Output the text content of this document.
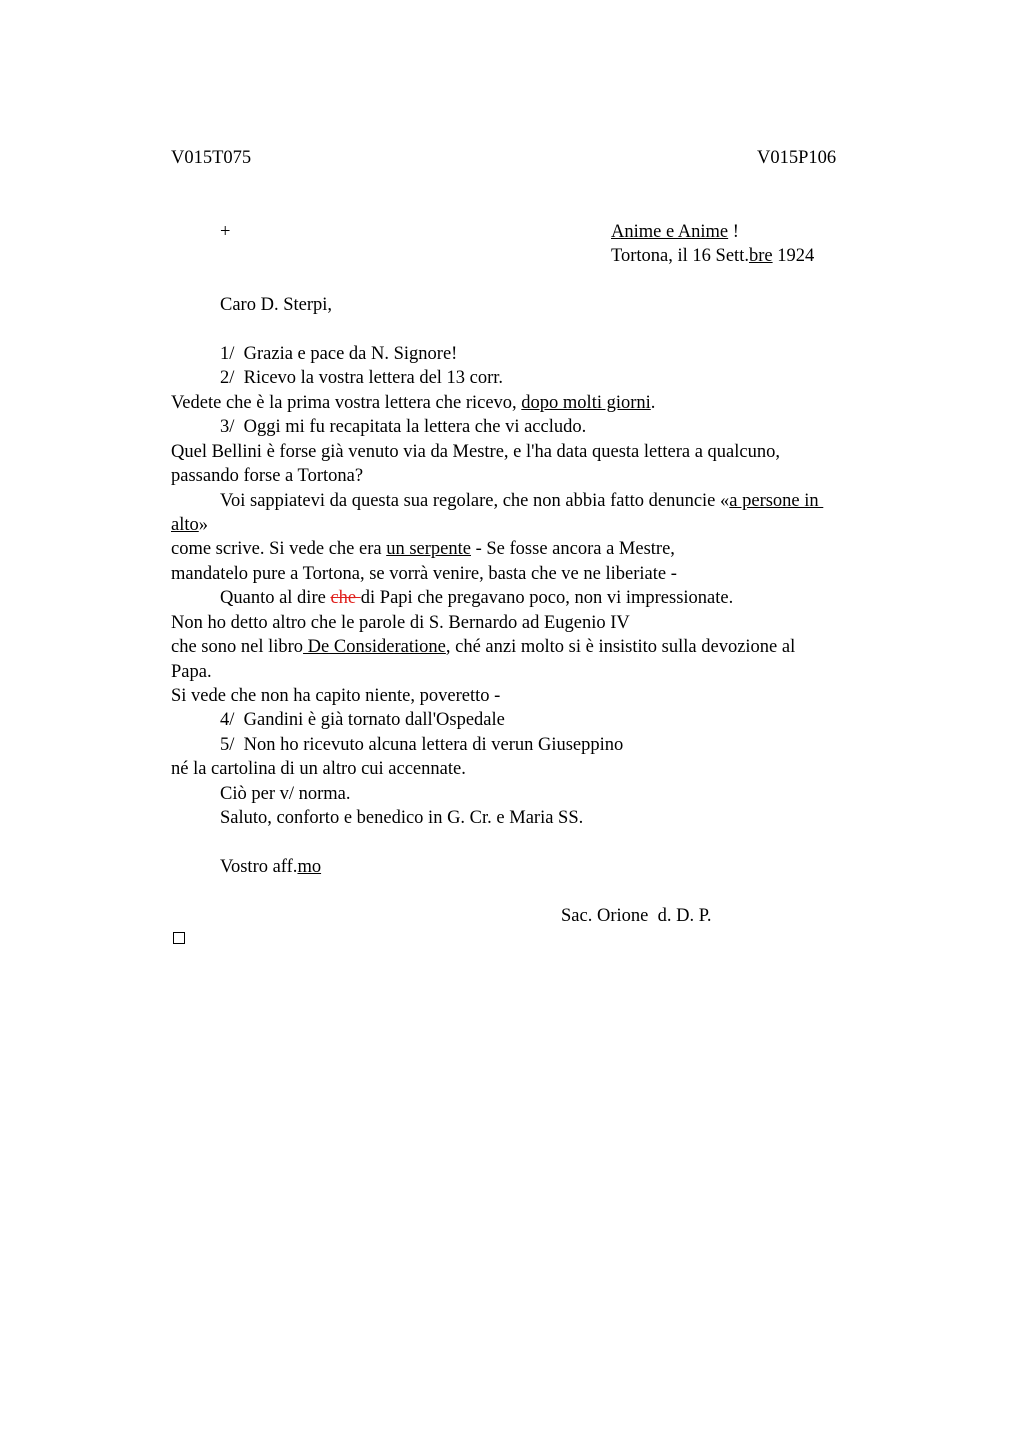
V015T075	V015P106
+	Anime e Anime !
Tortona, il 16 Sett.bre 1924
Caro D. Sterpi,
1/  Grazia e pace da N. Signore!
2/  Ricevo la vostra lettera del 13 corr.
Vedete che è la prima vostra lettera che ricevo, dopo molti giorni.
3/  Oggi mi fu recapitata la lettera che vi accludo.
Quel Bellini è forse già venuto via da Mestre, e l'ha data questa lettera a qualcuno,
passando forse a Tortona?
Voi sappiatevi da questa sua regolare, che non abbia fatto denuncie «a persone in
alto»
come scrive. Si vede che era un serpente - Se fosse ancora a Mestre,
mandatelo pure a Tortona, se vorrà venire, basta che ve ne liberiate -
Quanto al dire che di Papi che pregavano poco, non vi impressionate.
Non ho detto altro che le parole di S. Bernardo ad Eugenio IV
che sono nel libro De Consideratione, ché anzi molto si è insistito sulla devozione al
Papa.
Si vede che non ha capito niente, poveretto -
4/  Gandini è già tornato dall'Ospedale
5/  Non ho ricevuto alcuna lettera di verun Giuseppino
né la cartolina di un altro cui accennate.
Ciò per v/ norma.
Saluto, conforto e benedico in G. Cr. e Maria SS.
Vostro aff.mo
Sac. Orione  d. D. P.
